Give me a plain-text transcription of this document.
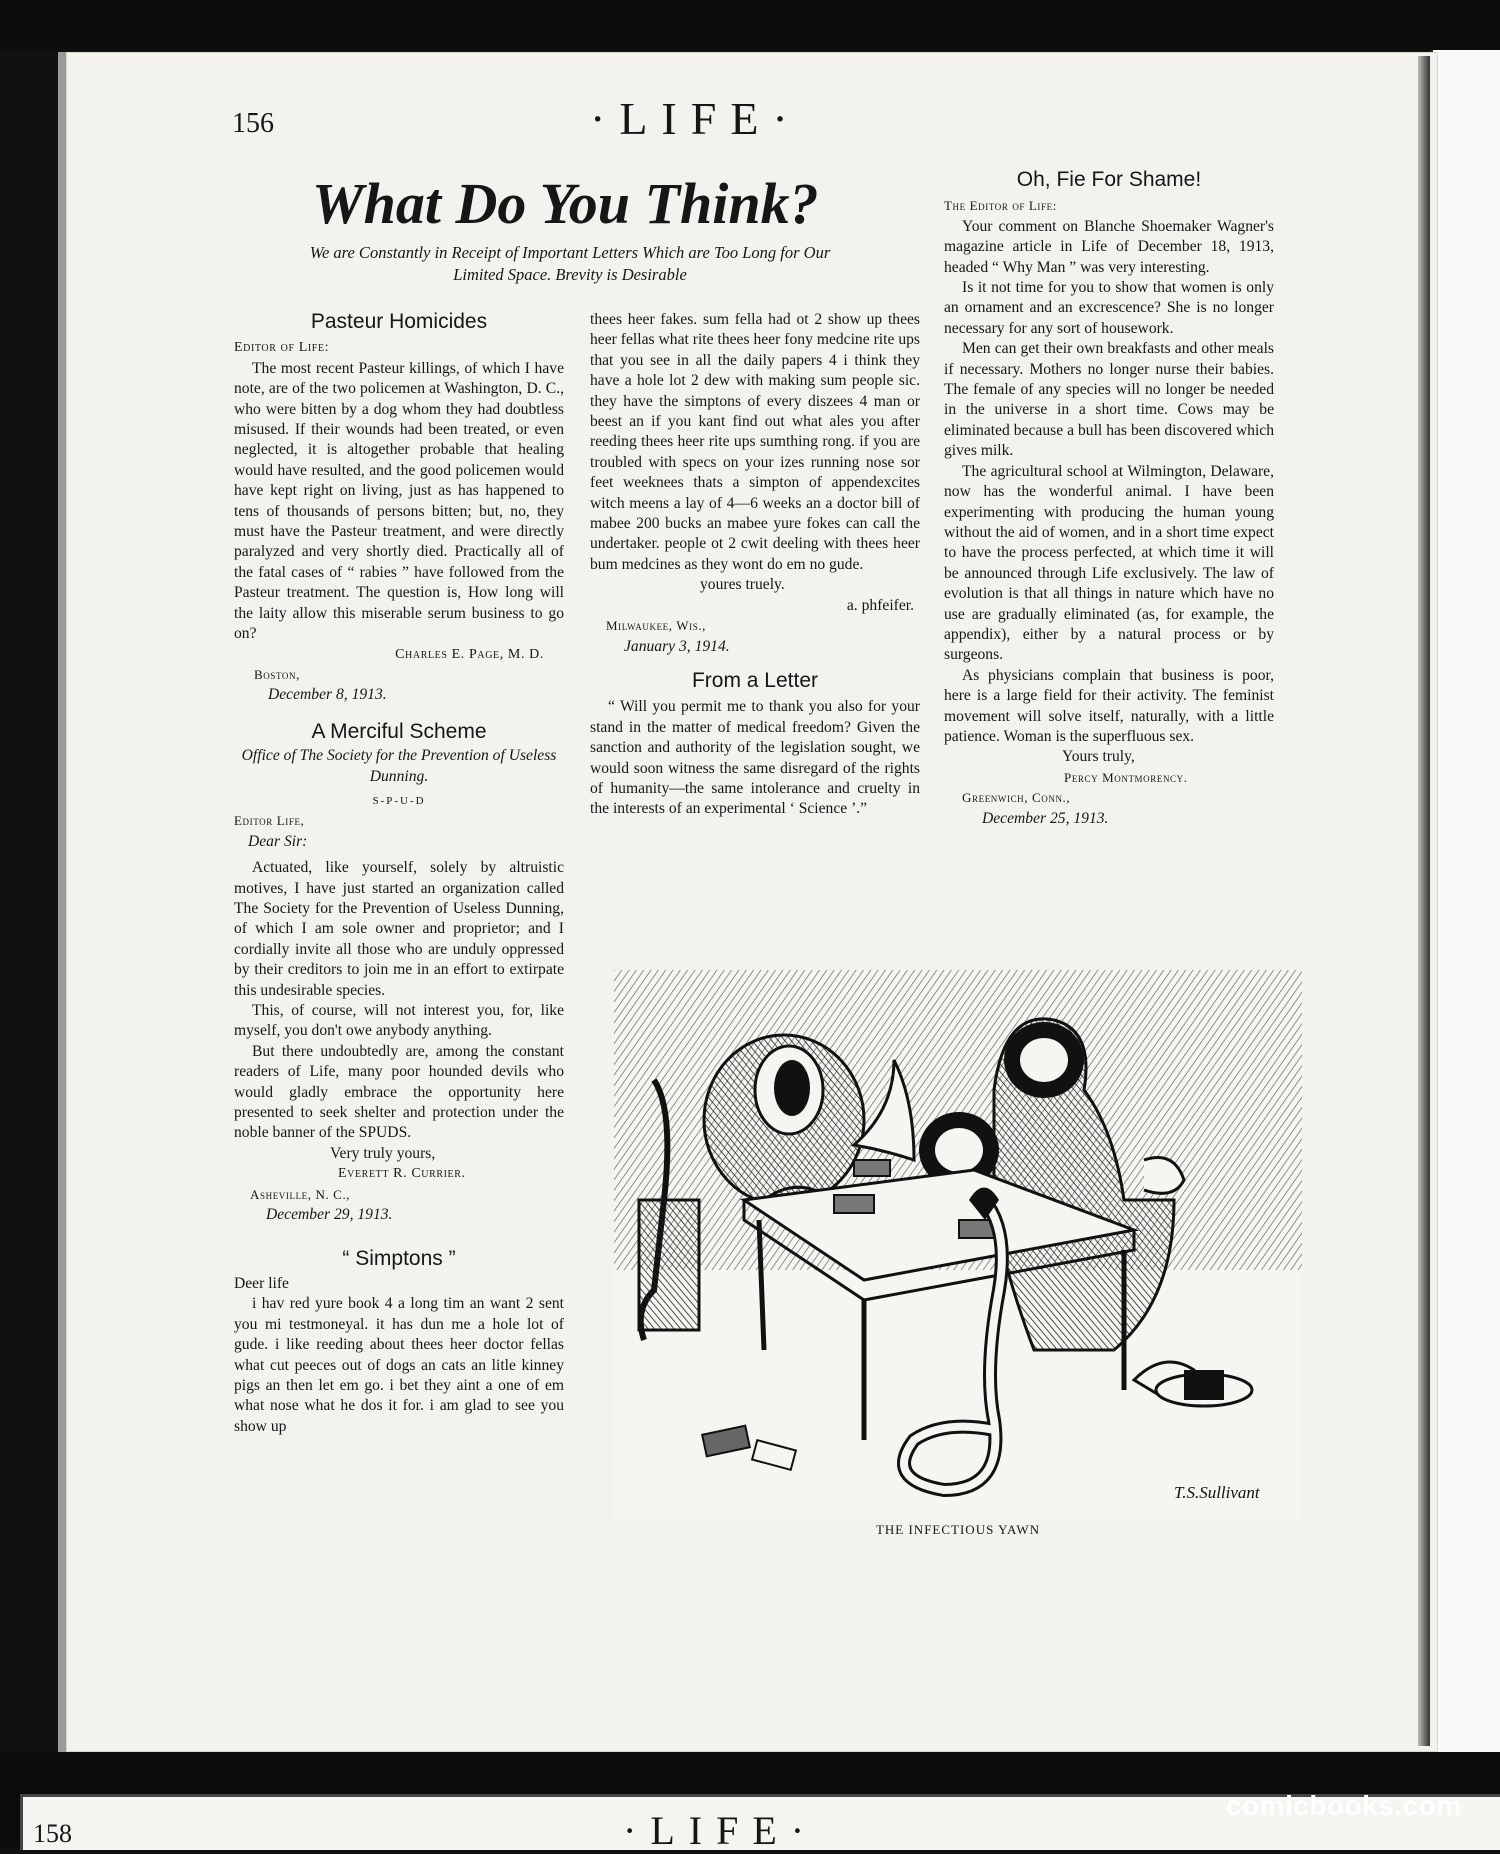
158	·LIFE·
156	·LIFE·
What Do You Think?
We are Constantly in Receipt of Important Letters Which are Too Long for Our Limited Space. Brevity is Desirable
Pasteur Homicides

Editor of Life:

The most recent Pasteur killings, of which I have note, are of the two policemen at Washington, D. C., who were bitten by a dog whom they had doubtless misused. If their wounds had been treated, or even neglected, it is altogether probable that healing would have resulted, and the good policemen would have kept right on living, just as has happened to tens of thousands of persons bitten; but, no, they must have the Pasteur treatment, and were directly paralyzed and very shortly died. Practically all of the fatal cases of “ rabies ” have followed from the Pasteur treatment. The question is, How long will the laity allow this miserable serum business to go on?

Charles E. Page, M. D.

Boston,

December 8, 1913.

A Merciful Scheme

Office of The Society for the Prevention of Useless Dunning.

S-P-U-D

Editor Life,

Dear Sir:

Actuated, like yourself, solely by altruistic motives, I have just started an organization called The Society for the Prevention of Useless Dunning, of which I am sole owner and proprietor; and I cordially invite all those who are unduly oppressed by their creditors to join me in an effort to extirpate this undesirable species.

This, of course, will not interest you, for, like myself, you don't owe anybody anything.

But there undoubtedly are, among the constant readers of Life, many poor hounded devils who would gladly embrace the opportunity here presented to seek shelter and protection under the noble banner of the SPUDS.

Very truly yours,

Everett R. Currier.

Asheville, N. C.,

December 29, 1913.

“ Simptons ”

Deer life

i hav red yure book 4 a long tim an want 2 sent you mi testmoneyal. it has dun me a hole lot of gude. i like reeding about thees heer doctor fellas what cut peeces out of dogs an cats an litle kinney pigs an then let em go. i bet they aint a one of em what nose what he dos it for. i am glad to see you show up

thees heer fakes. sum fella had ot 2 show up thees heer fellas what rite thees heer fony medcine rite ups that you see in all the daily papers 4 i think they have a hole lot 2 dew with making sum people sic. they have the simptons of every diszees 4 man or beest an if you kant find out what ales you after reeding thees heer rite ups sumthing rong. if you are troubled with specs on your izes running nose sor feet weeknees thats a simpton of appendexcites witch meens a lay of 4—6 weeks an a doctor bill of mabee 200 bucks an mabee yure fokes can call the undertaker. people ot 2 cwit deeling with thees heer bum medcines as they wont do em no gude.

youres truely.

a. phfeifer.

Milwaukee, Wis.,

January 3, 1914.

From a Letter

“ Will you permit me to thank you also for your stand in the matter of medical freedom? Given the sanction and authority of the legislation sought, we would soon witness the same disregard of the rights of humanity—the same intolerance and cruelty in the interests of an experimental ‘ Science ’.”

Oh, Fie For Shame!

The Editor of Life:

Your comment on Blanche Shoemaker Wagner's magazine article in Life of December 18, 1913, headed “ Why Man ” was very interesting.

Is it not time for you to show that women is only an ornament and an excrescence? She is no longer necessary for any sort of housework.

Men can get their own breakfasts and other meals if necessary. Mothers no longer nurse their babies. The female of any species will no longer be needed in the universe in a short time. Cows may be eliminated because a bull has been discovered which gives milk.

The agricultural school at Wilmington, Delaware, now has the wonderful animal. I have been experimenting with producing the human young without the aid of women, and in a short time expect to have the process perfected, at which time it will be announced through Life exclusively. The law of evolution is that all things in nature which have no use are gradually eliminated (as, for example, the appendix), either by a natural process or by surgeons.

As physicians complain that business is poor, here is a large field for their activity. The feminist movement will solve itself, naturally, with a little patience. Woman is the superfluous sex.

Yours truly,

Percy Montmorency.

Greenwich, Conn.,

December 25, 1913.

T.S.Sullivant
THE INFECTIOUS YAWN
comicbooks.com
